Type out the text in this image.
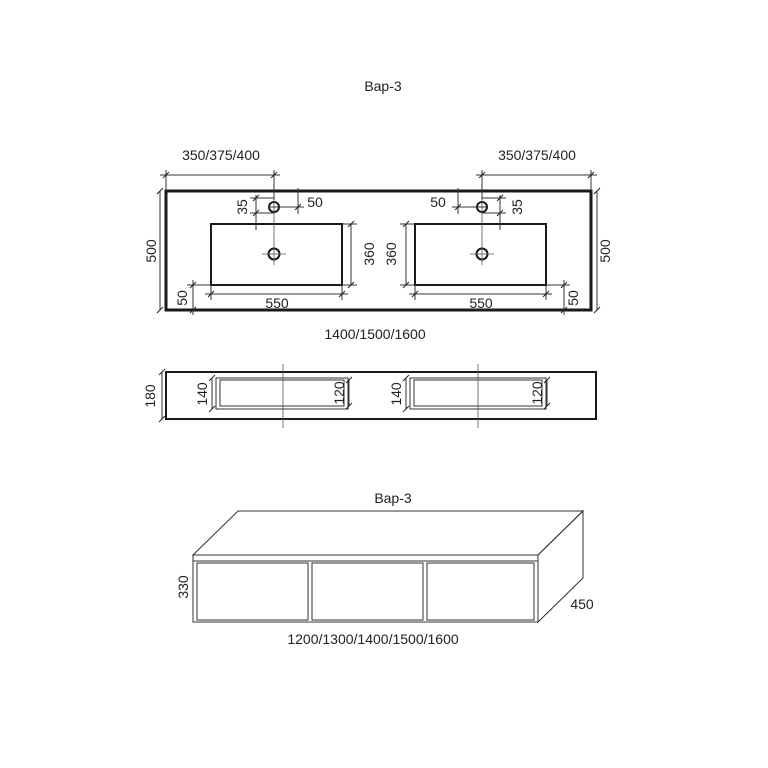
Вар-3
350/375/400	350/375/400
500	500
35	50	50	35
360 360
50	50
550	550
1400/1500/1600
180	140	120	140	120
Вар-3
330
450
1200/1300/1400/1500/1600
